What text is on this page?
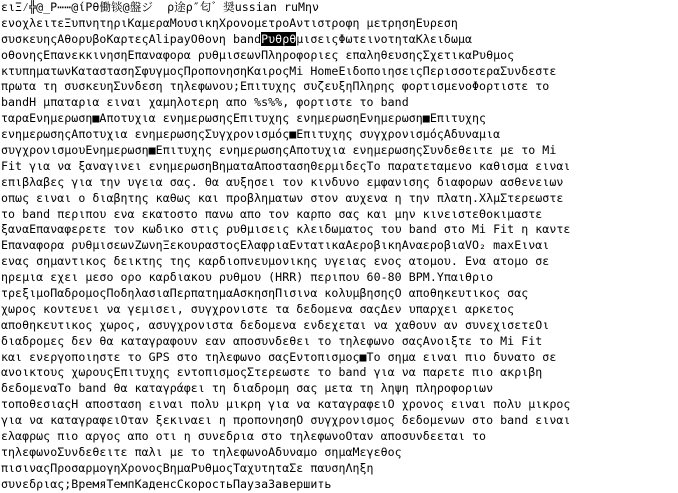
ειΞ⁄╬@_Ρ⋯⋯@ίΡθ働锬@盤ジ  ρ途ρ″匂゛奨ussian ruΜην
ενοχλειτεΞυπνητηριΚαμεραΜουσικηΧρονομετροΑντιστροφη μετρησηΕυρεση
συσκευηςΑθορυβοΚαρτεςAlipayΟθονη bandΡυθρθμισειςΦωτεινοτηταΚλειδωμα
οθονηςΕπανεκκινησηΕπαναφορα ρυθμισεωνΠληροφοριες επαληθευσηςΣχετικαΡυθμος
κτυπηματωνΚαταστασηΣφυγμοςΠροπονησηΚαιροςMi HomeΕιδοποιησειςΠερισσοτεραΣυνδεστε
πρωτα τη συσκευηΣυνδεση τηλεφωνου;Επιτυχης συζευξηΠληρης φορτισμενοΦορτιστε το
bandΗ μπαταρια ειναι χαμηλοτερη απο %s%%, φορτιστε το band
ταραΕνημερωση■Αποτυχια ενημερωσηςΕπιτυχης ενημερωσηΕνημερωση■Επιτυχης
ενημερωσηςΑποτυχια ενημερωσηςΣυγχρονισμός■Επιτυχης συγχρονισμόςΑδυναμια
συγχρονισμουΕνημερωση■Επιτυχης ενημερωσηςΑποτυχια ενημερωσηςΣυνδεθειτε με το Mi
Fit για να ξαναγινει ενημερωσηΒηματαΑποστασηΘερμιδεςΤο παρατεταμενο καθισμα ειναι
επιβλαβες για την υγεια σας. Θα αυξησει τον κινδυνο εμφανισης διαφορων ασθενειων
οπως ειναι ο διαβητης καθως και προβληματων στον αυχενα η την πλατη.ΧλμΣτερεωστε
το band περιπου ενα εκατοστο πανω απο τον καρπο σας και μην κινειστεΘοκιμαστε
ξαναΕπαναφερετε τον κωδικο στις ρυθμισεις κλειδωματος του band στο Mi Fit η καντε
Επαναφορα ρυθμισεωνΖωνηΞεκουραστοςΕλαφριαΕντατικαΑεροβικηΑναεροβιαVO₂ maxΕιναι
ενας σημαντικος δεικτης της καρδιοπνευμονικης υγειας ενος ατομου. Ενα ατομο σε
ηρεμια εχει μεσο ορο καρδιακου ρυθμου (HRR) περιπου 60-80 BPM.Υπαιθριο
τρεξιμοΠαδρομοςΠοδηλασιαΠερπατημαΑσκησηΠισινα κολυμβησηςΟ αποθηκευτικος σας
χωρος κοντευει να γεμισει, συγχρονιστε τα δεδομενα σαςΔεν υπαρχει αρκετος
αποθηκευτικος χωρος, ασυγχρονιστα δεδομενα ενδεχεται να χαθουν αν συνεχισετεΟι
διαδρομες δεν θα καταγραφουν εαν αποσυνδεθει το τηλεφωνο σαςΑνοιξτε το Mi Fit
και ενεργοποιηστε το GPS στο τηλεφωνο σαςΕντοπισμος■Το σημα ειναι πιο δυνατο σε
ανοικτους χωρουςΕπιτυχης εντοπισμοςΣτερεωστε το band για να παρετε πιο ακριβη
δεδομεναΤο band θα καταγράφει τη διαδρομη σας μετα τη ληψη πληροφοριων
τοποθεσιαςΗ αποσταση ειναι πολυ μικρη για να καταγραφειΟ χρονος ειναι πολυ μικρος
για να καταγραφειΟταν ξεκιναει η προπονησηΟ συγχρονισμος δεδομενων στο band ειναι
ελαφρως πιο αργος απο οτι η συνεδρια στο τηλεφωνοΟταν αποσυνδεεται το
τηλεφωνοΣυνδεθειτε παλι με το τηλεφωνοΑδυναμο σημαΜεγεθος
πισιναςΠροσαρμογηΧρονοςΒημαΡυθμοςΤαχυτηταΣε παυσηΛηξη
συνεδριας;ВремяТемпКаденсСкоростьПаузаЗавершить
